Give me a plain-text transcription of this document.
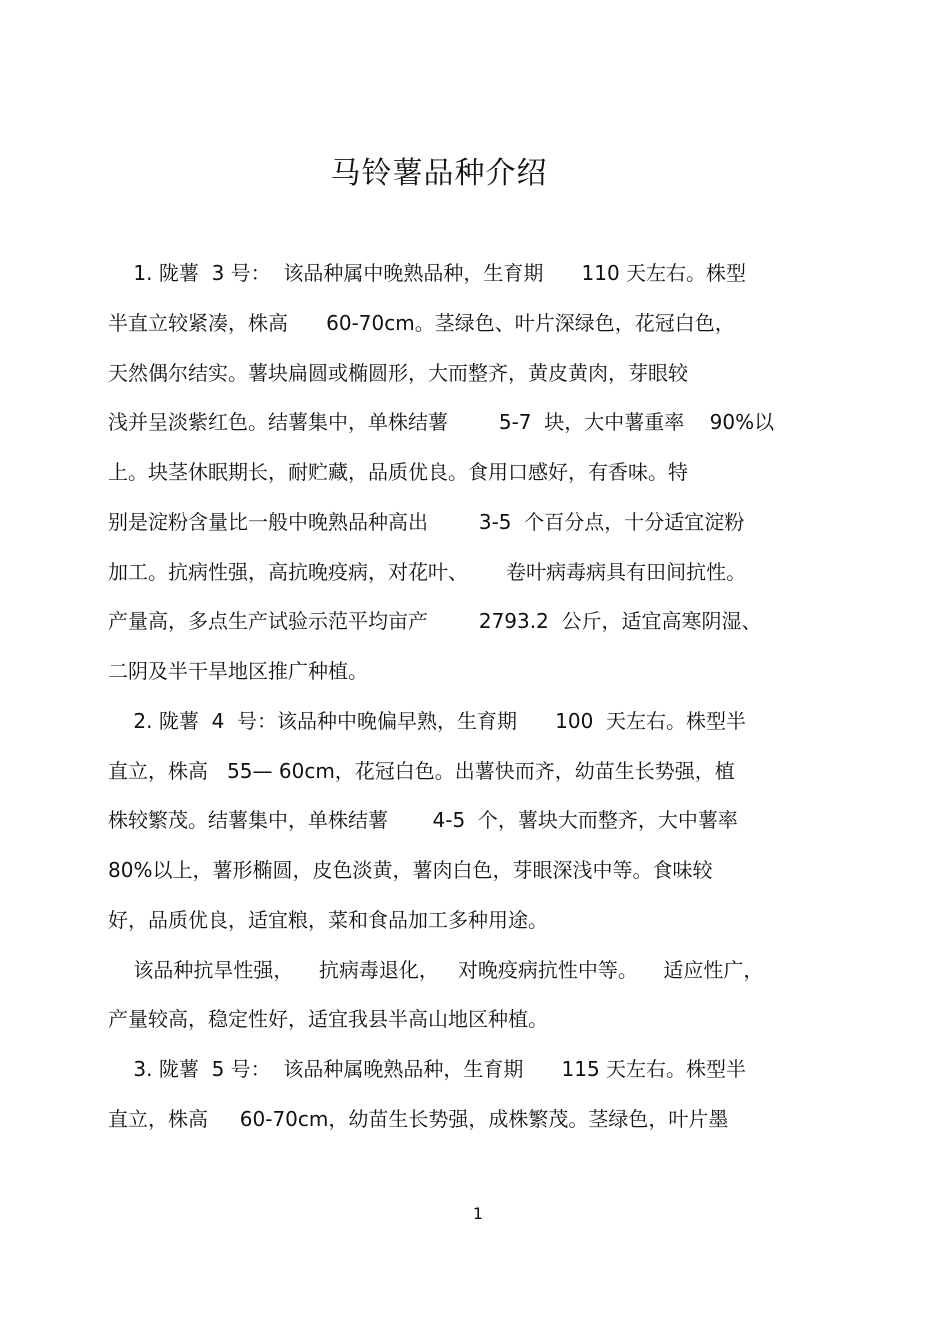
马铃薯品种介绍

1. 陇薯  3 号：  该品种属中晚熟品种，生育期      110 天左右。株型

半直立较紧凑，株高      60-70cm。茎绿色、叶片深绿色，花冠白色，

天然偶尔结实。薯块扁圆或椭圆形，大而整齐，黄皮黄肉，芽眼较

浅并呈淡紫红色。结薯集中，单株结薯        5-7  块，大中薯重率    90%以

上。块茎休眠期长，耐贮藏，品质优良。食用口感好，有香味。特

别是淀粉含量比一般中晚熟品种高出        3-5  个百分点，十分适宜淀粉

加工。抗病性强，高抗晚疫病，对花叶、      卷叶病毒病具有田间抗性。

产量高，多点生产试验示范平均亩产        2793.2  公斤，适宜高寒阴湿、

二阴及半干旱地区推广种植。

2. 陇薯  4  号：该品种中晚偏早熟，生育期      100  天左右。株型半

直立，株高   55— 60cm，花冠白色。出薯快而齐，幼苗生长势强，植

株较繁茂。结薯集中，单株结薯       4-5  个，薯块大而整齐，大中薯率

80%以上，薯形椭圆，皮色淡黄，薯肉白色，芽眼深浅中等。食味较

好，品质优良，适宜粮，菜和食品加工多种用途。

该品种抗旱性强，    抗病毒退化，   对晚疫病抗性中等。    适应性广，

产量较高，稳定性好，适宜我县半高山地区种植。

3. 陇薯  5 号：  该品种属晚熟品种，生育期      115 天左右。株型半

直立，株高     60-70cm，幼苗生长势强，成株繁茂。茎绿色，叶片墨

1
